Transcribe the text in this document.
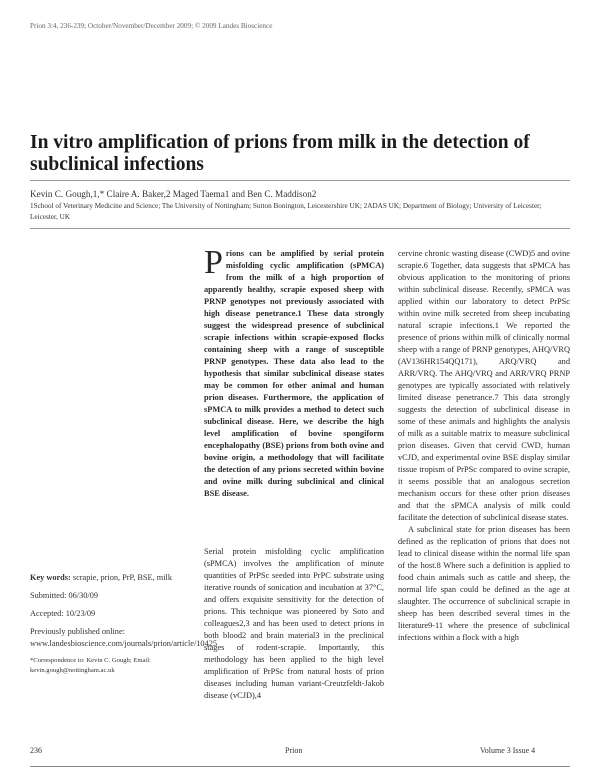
Prion 3:4, 236-239; October/November/December 2009; © 2009 Landes Bioscience
In vitro amplification of prions from milk in the detection of subclinical infections
Kevin C. Gough,1,* Claire A. Baker,2 Maged Taema1 and Ben C. Maddison2
1School of Veterinary Medicine and Science; The University of Nottingham; Sutton Bonington, Leicestershire UK; 2ADAS UK; Department of Biology; University of Leicester; Leicester, UK
Prions can be amplified by serial protein misfolding cyclic amplification (sPMCA) from the milk of a high proportion of apparently healthy, scrapie exposed sheep with PRNP genotypes not previously associated with high disease penetrance.1 These data strongly suggest the widespread presence of subclinical scrapie infections within scrapie-exposed flocks containing sheep with a range of susceptible PRNP genotypes. These data also lead to the hypothesis that similar subclinical disease states may be common for other animal and human prion diseases. Furthermore, the application of sPMCA to milk provides a method to detect such subclinical disease. Here, we describe the high level amplification of bovine spongiform encephalopathy (BSE) prions from both ovine and bovine origin, a methodology that will facilitate the detection of any prions secreted within bovine and ovine milk during subclinical and clinical BSE disease.

Serial protein misfolding cyclic amplification (sPMCA) involves the amplification of minute quantities of PrPSc seeded into PrPC substrate using iterative rounds of sonication and incubation at 37°C, and offers exquisite sensitivity for the detection of prions. This technique was pioneered by Soto and colleagues2,3 and has been used to detect prions in both blood2 and brain material3 in the preclinical stages of rodent-scrapie. Importantly, this methodology has been applied to the high level amplification of PrPSc from natural hosts of prion diseases including human variant-Creutzfeldt-Jakob disease (vCJD),4

cervine chronic wasting disease (CWD)5 and ovine scrapie.6 Together, data suggests that sPMCA has obvious application to the monitoring of prions within subclinical disease. Recently, sPMCA was applied within our laboratory to detect PrPSc within ovine milk secreted from sheep incubating natural scrapie infections.1 We reported the presence of prions within milk of clinically normal sheep with a range of PRNP genotypes, AHQ/VRQ (AV136HR154QQ171), ARQ/VRQ and ARR/VRQ. The AHQ/VRQ and ARR/VRQ PRNP genotypes are typically associated with relatively limited disease penetrance.7 This data strongly suggests the detection of subclinical disease in some of these animals and highlights the analysis of milk as a suitable matrix to measure subclinical prion diseases. Given that cervid CWD, human vCJD, and experimental ovine BSE display similar tissue tropism of PrPSc compared to ovine scrapie, it seems possible that an analogous secretion mechanism occurs for these other prion diseases and that the sPMCA analysis of milk could facilitate the detection of subclinical disease states.

A subclinical state for prion diseases has been defined as the replication of prions that does not lead to clinical disease within the normal life span of the host.8 Where such a definition is applied to food chain animals such as cattle and sheep, the normal life span could be defined as the age at slaughter. The occurrence of subclinical scrapie in sheep has been described several times in the literature9-11 where the presence of subclinical infections within a flock with a high

Key words: scrapie, prion, PrP, BSE, milk

Submitted: 06/30/09

Accepted: 10/23/09

Previously published online: www.landesbioscience.com/journals/prion/article/10425

*Correspondence to: Kevin C. Gough; Email: kevin.gough@nottingham.ac.uk

236	Prion	Volume 3 Issue 4
